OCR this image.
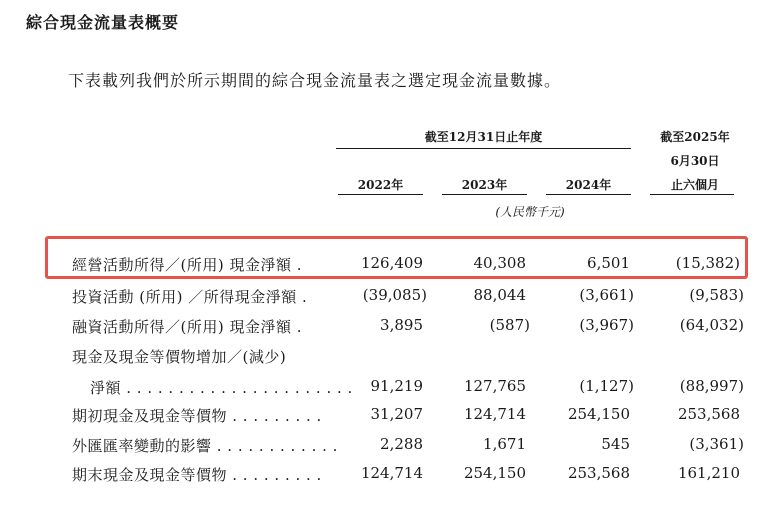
綜合現金流量表概要
下表載列我們於所示期間的綜合現金流量表之選定現金流量數據。
截至12月31日止年度	截至2025年
6月30日
止六個月
2022年	2023年	2024年
(人民幣千元)
經營活動所得／(所用) 現金淨額 .	126,409	40,308	6,501	(15,382)
投資活動 (所用) ／所得現金淨額 .	(39,085)	88,044	(3,661)	(9,583)
融資活動所得／(所用) 現金淨額 .	3,895	(587)	(3,967)	(64,032)
現金及現金等價物增加／(減少)
淨額 . . . . . . . . . . . . . . . . . . . . . .	91,219	127,765	(1,127)	(88,997)
期初現金及現金等價物 . . . . . . . . .	31,207	124,714	254,150	253,568
外匯匯率變動的影響 . . . . . . . . . . . .	2,288	1,671	545	(3,361)
期末現金及現金等價物 . . . . . . . . .	124,714	254,150	253,568	161,210
